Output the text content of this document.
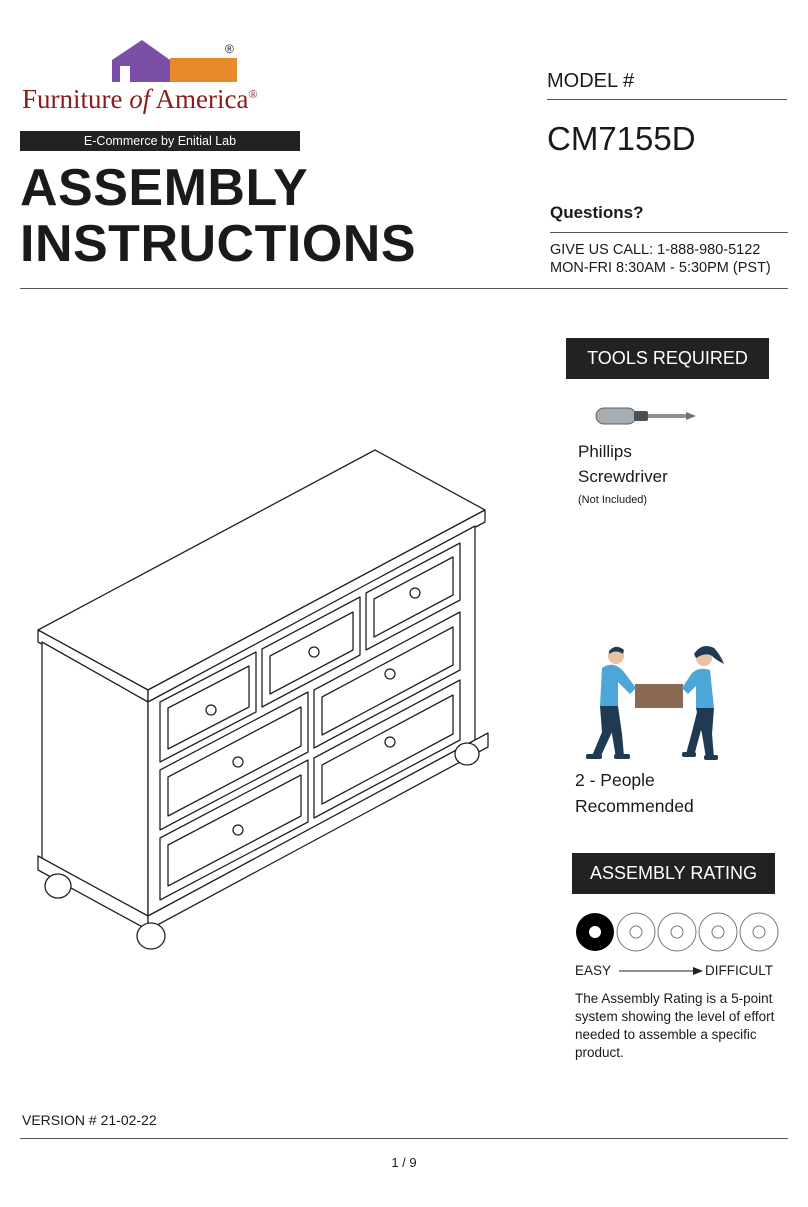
®
Furniture of America®
E-Commerce by Enitial Lab
ASSEMBLY
INSTRUCTIONS
MODEL #
CM7155D
Questions?
GIVE US CALL: 1-888-980-5122
MON-FRI 8:30AM - 5:30PM (PST)
TOOLS REQUIRED
Phillips
Screwdriver
(Not Included)
2 - People
Recommended
ASSEMBLY RATING
EASY	DIFFICULT
The Assembly Rating is a 5-point system showing the level of effort needed to assemble a specific product.
VERSION # 21-02-22
1 / 9
